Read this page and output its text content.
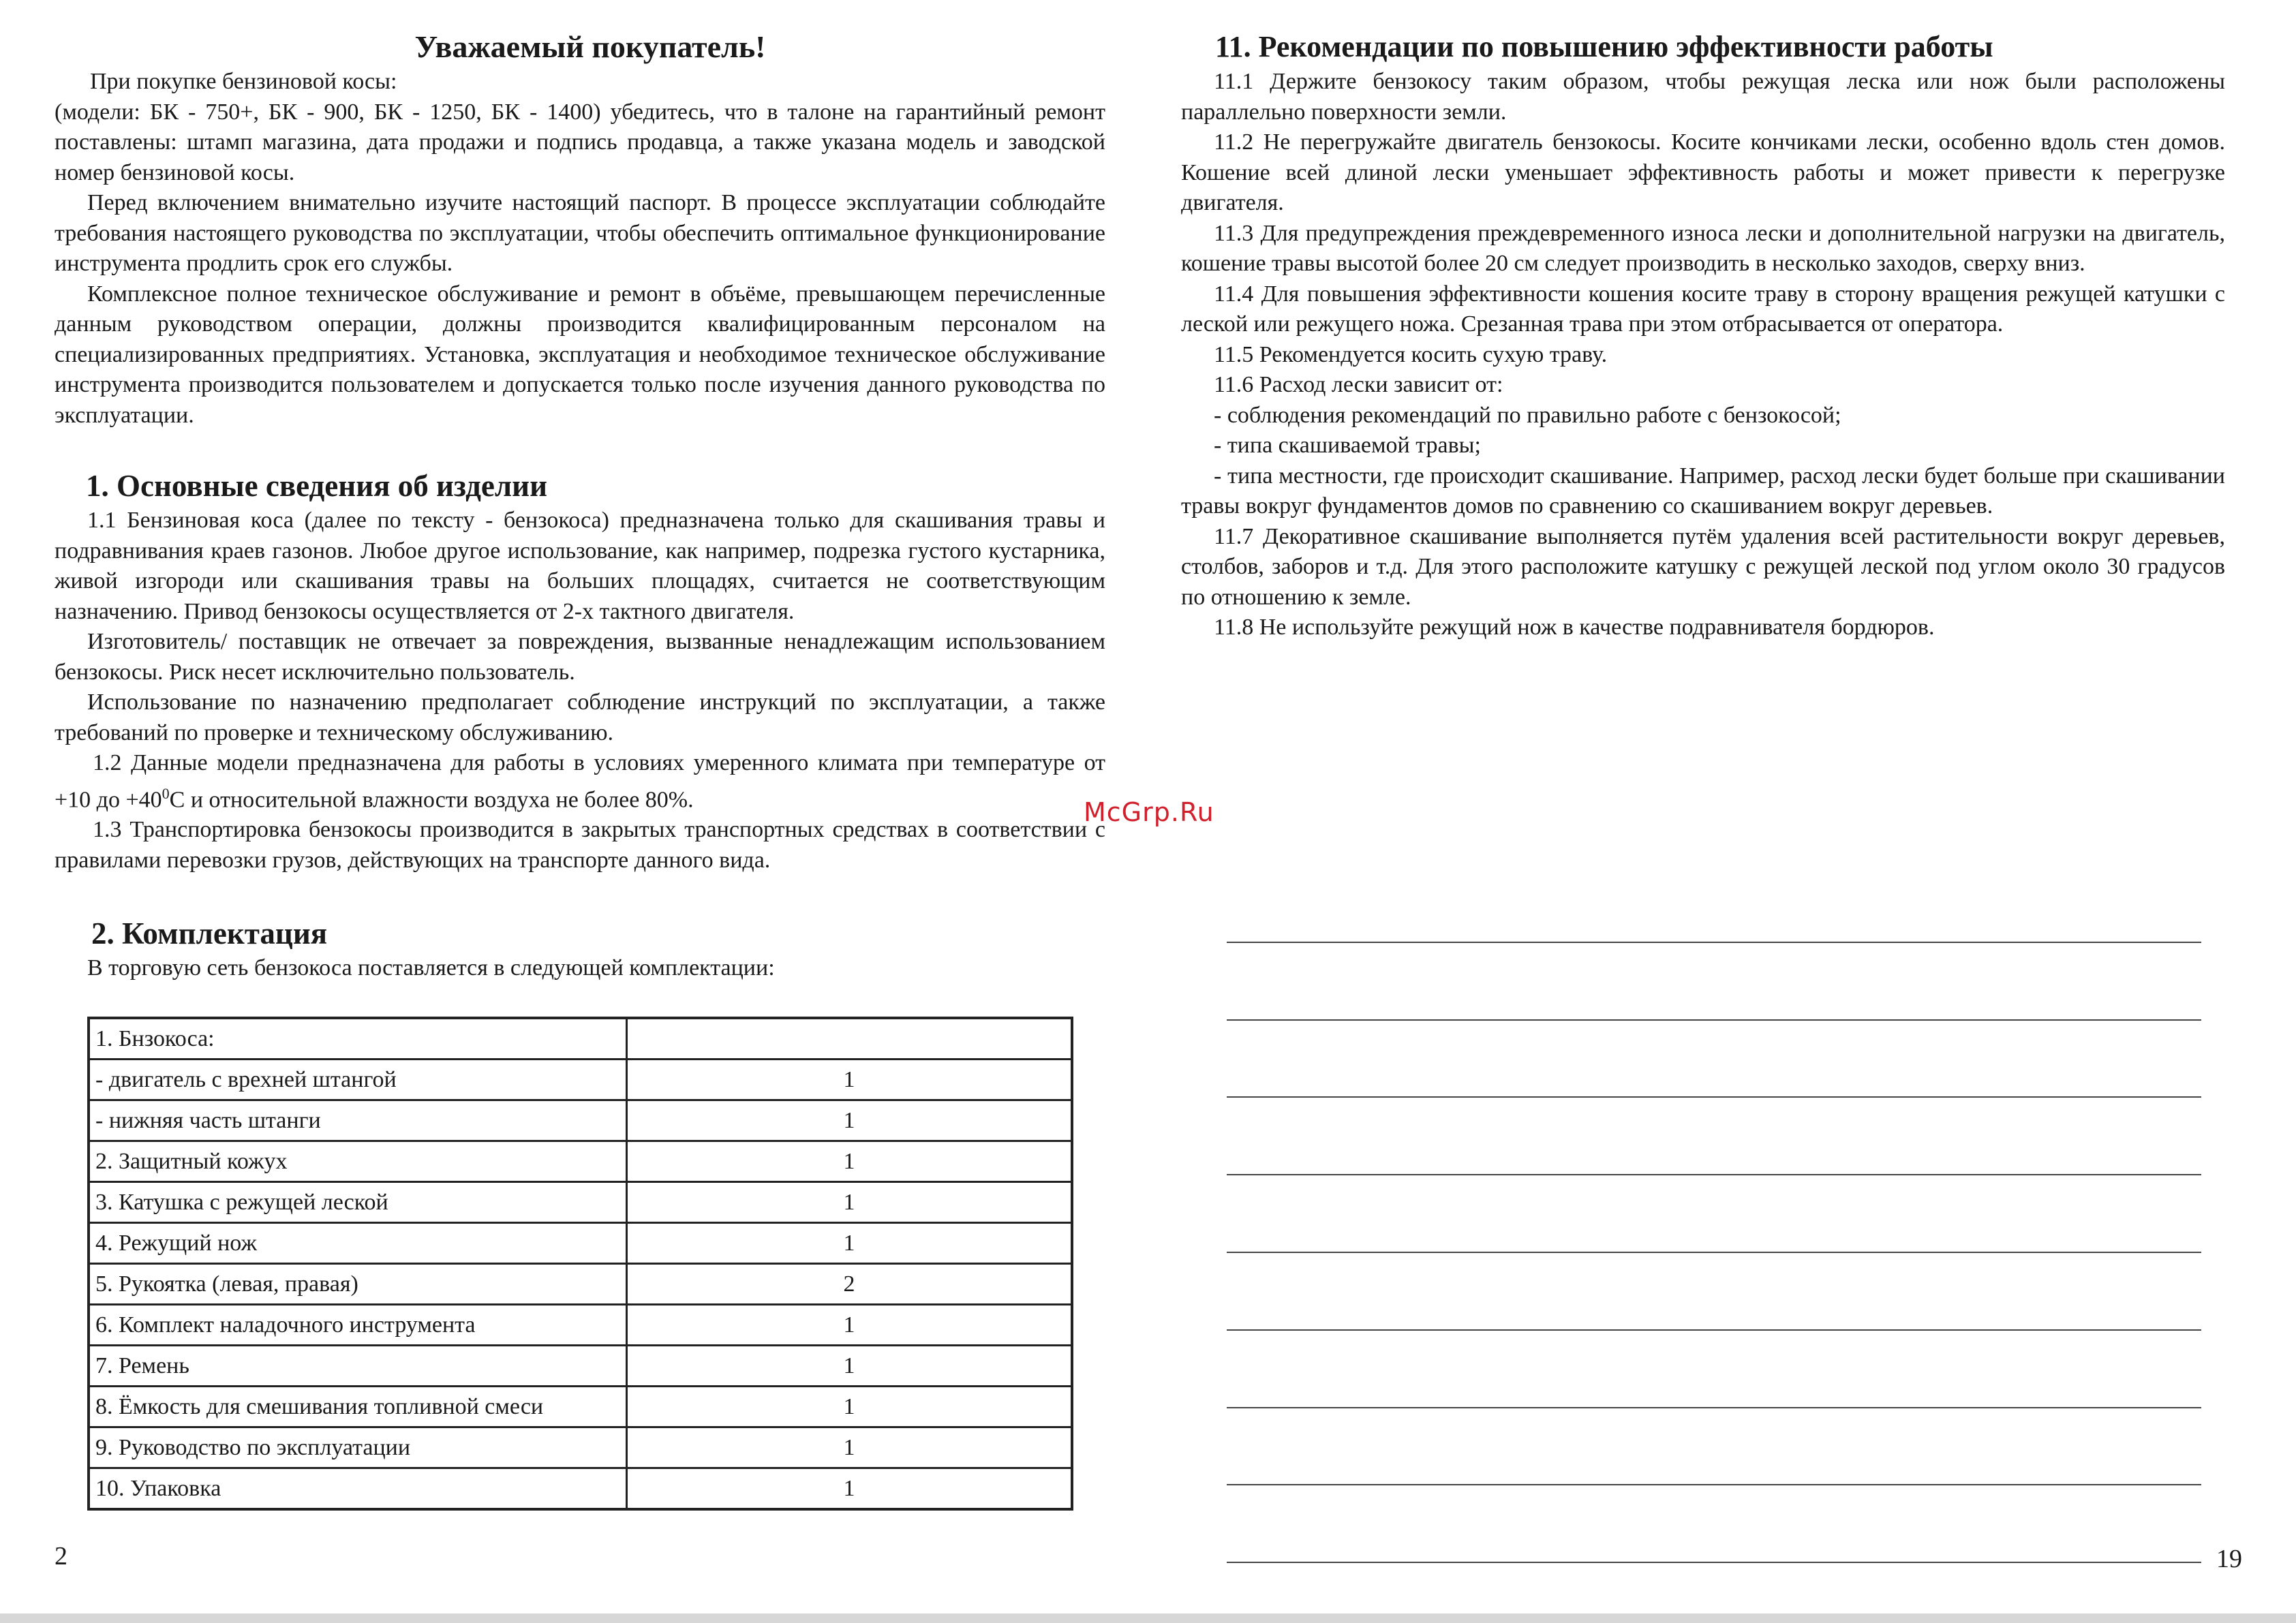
Уважаемый покупатель!

При покупке бензиновой косы:

(модели: БК - 750+, БК - 900, БК - 1250, БК - 1400) убедитесь, что в талоне на гарантийный ремонт поставлены: штамп магазина, дата продажи и подпись продавца, а также указана модель и заводской номер бензиновой косы.

Перед включением внимательно изучите настоящий паспорт. В процессе эксплуатации соблюдайте требования настоящего руководства по эксплуатации, чтобы обеспечить оптимальное функционирование инструмента продлить срок его службы.

Комплексное полное техническое обслуживание и ремонт в объёме, превышающем перечисленные данным руководством операции, должны производится квалифицированным персоналом на специализированных предприятиях. Установка, эксплуатация и необходимое техническое обслуживание инструмента производится пользователем и допускается только после изучения данного руководства по эксплуатации.

1. Основные сведения об изделии

1.1 Бензиновая коса (далее по тексту - бензокоса) предназначена только для скашивания травы и подравнивания краев газонов. Любое другое использование, как например, подрезка густого кустарника, живой изгороди или скашивания травы на больших площадях, считается не соответствующим назначению. Привод бензокосы осуществляется от 2-х тактного двигателя.

Изготовитель/ поставщик не отвечает за повреждения, вызванные ненадлежащим использованием бензокосы. Риск несет исключительно пользователь.

Использование по назначению предполагает соблюдение инструкций по эксплуатации, а также требований по проверке и техническому обслуживанию.

1.2 Данные модели предназначена для работы в условиях умеренного климата при температуре от +10 до $+40^0С$ и относительной влажности воздуха не более 80%.

1.3 Транспортировка бензокосы производится в закрытых транспортных средствах в соответствии с правилами перевозки грузов, действующих на транспорте данного вида.

2. Комплектация

В торговую сеть бензокоса поставляется в следующей комплектации:

1. Бнзокоса:	
- двигатель с врехней штангой	1
- нижняя часть штанги	1
2. Защитный кожух	1
3. Катушка с режущей леской	1
4. Режущий нож	1
5. Рукоятка (левая, правая)	2
6. Комплект наладочного инструмента	1
7. Ремень	1
8. Ёмкость для смешивания топливной смеси	1
9. Руководство по эксплуатации	1
10. Упаковка	1
2
11. Рекомендации по повышению эффективности работы

11.1 Держите бензокосу таким образом, чтобы режущая леска или нож были расположены параллельно поверхности земли.

11.2 Не перегружайте двигатель бензокосы. Косите кончиками лески, особенно вдоль стен домов. Кошение всей длиной лески уменьшает эффективность работы и может привести к перегрузке двигателя.

11.3 Для предупреждения преждевременного износа лески и дополнительной нагрузки на двигатель, кошение травы высотой более 20 см следует производить в несколько заходов, сверху вниз.

11.4 Для повышения эффективности кошения косите траву в сторону вращения режущей катушки с леской или режущего ножа. Срезанная трава при этом отбрасывается от оператора.

11.5 Рекомендуется косить сухую траву.

11.6 Расход лески зависит от:

- соблюдения рекомендаций по правильно работе с бензокосой;

- типа скашиваемой травы;

- типа местности, где происходит скашивание. Например, расход лески будет больше при скашивании травы вокруг фундаментов домов по сравнению со скашиванием вокруг деревьев.

11.7 Декоративное скашивание выполняется путём удаления всей растительности вокруг деревьев, столбов, заборов и т.д. Для этого расположите катушку с режущей леской под углом около 30 градусов по отношению к земле.

11.8 Не используйте режущий нож в качестве подравнивателя бордюров.

19
McGrp.Ru
